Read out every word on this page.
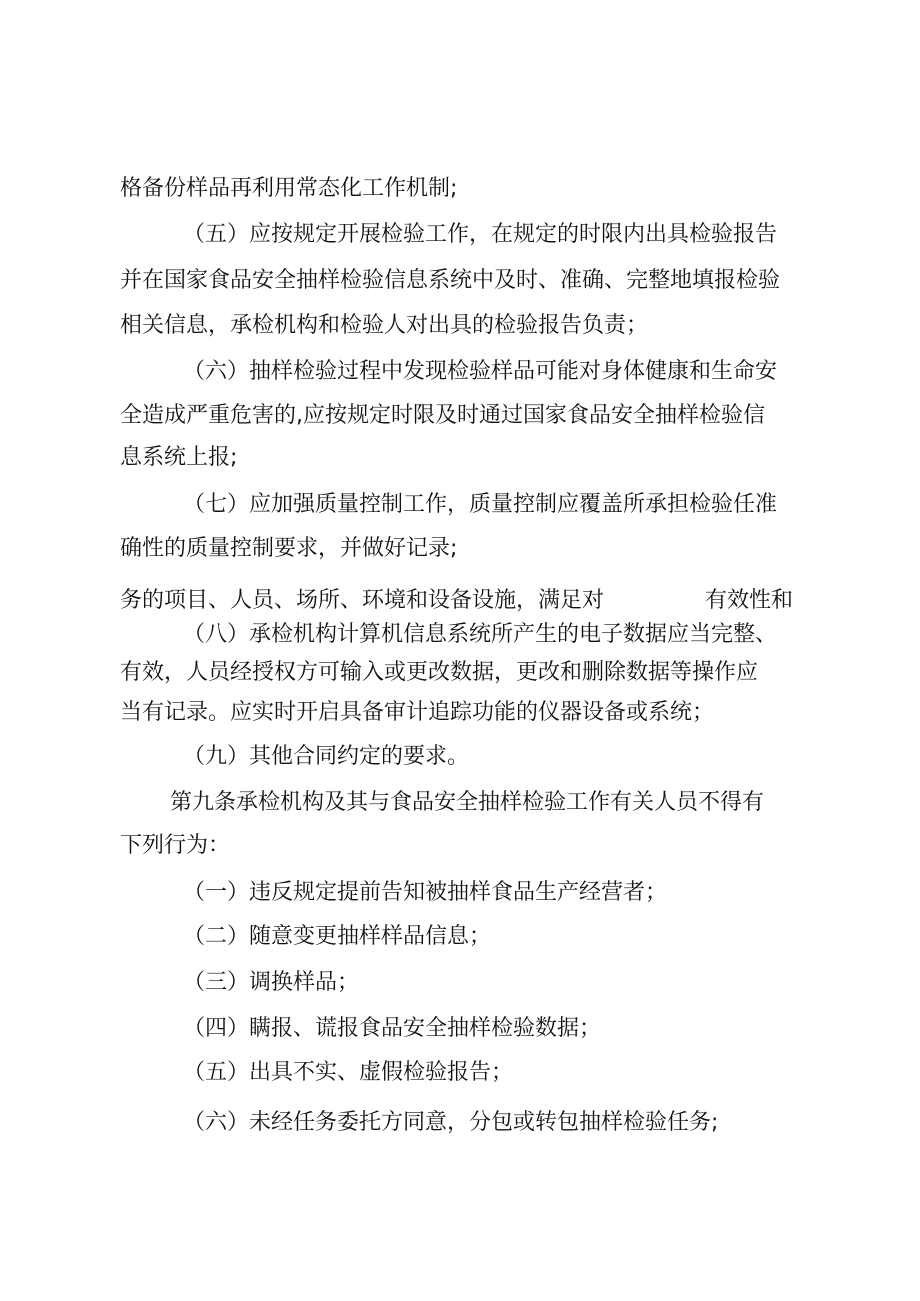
格备份样品再利用常态化工作机制;
（五）应按规定开展检验工作，在规定的时限内出具检验报告
并在国家食品安全抽样检验信息系统中及时、准确、完整地填报检验
相关信息，承检机构和检验人对出具的检验报告负责；
（六）抽样检验过程中发现检验样品可能对身体健康和生命安
全造成严重危害的,应按规定时限及时通过国家食品安全抽样检验信
息系统上报;
（七）应加强质量控制工作，质量控制应覆盖所承担检验任准
确性的质量控制要求，并做好记录;
务的项目、人员、场所、环境和设备设施，满足对	有效性和
（八）承检机构计算机信息系统所产生的电子数据应当完整、
有效，人员经授权方可输入或更改数据，更改和删除数据等操作应
当有记录。应实时开启具备审计追踪功能的仪器设备或系统；
（九）其他合同约定的要求。
第九条承检机构及其与食品安全抽样检验工作有关人员不得有
下列行为：
（一）违反规定提前告知被抽样食品生产经营者；
（二）随意变更抽样样品信息；
（三）调换样品；
（四）瞒报、谎报食品安全抽样检验数据；
（五）出具不实、虚假检验报告；
（六）未经任务委托方同意，分包或转包抽样检验任务;
